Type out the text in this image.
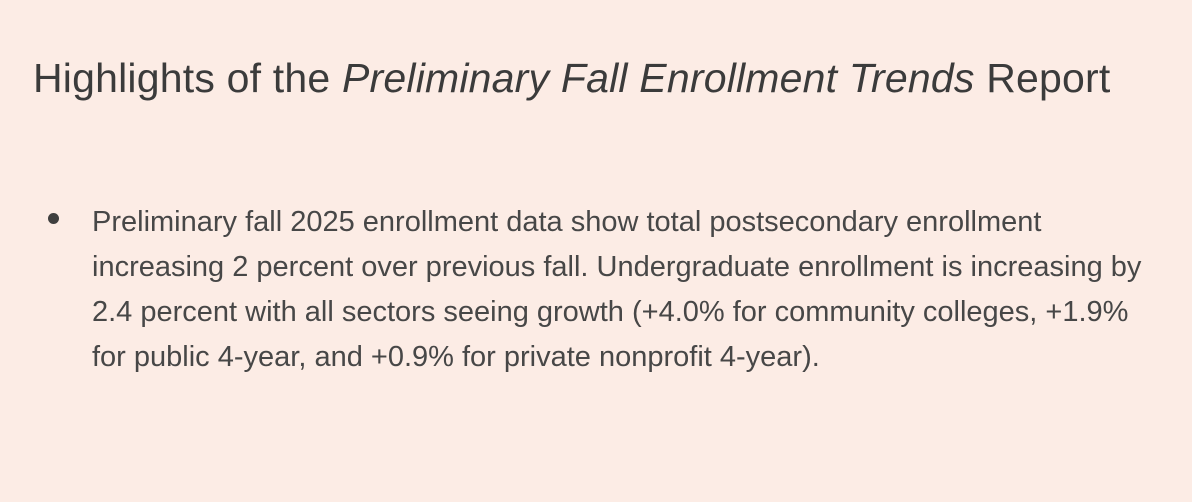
Highlights of the Preliminary Fall Enrollment Trends Report
Preliminary fall 2025 enrollment data show total postsecondary enrollment increasing 2 percent over previous fall. Undergraduate enrollment is increasing by 2.4 percent with all sectors seeing growth (+4.0% for community colleges, +1.9% for public 4-year, and +0.9% for private nonprofit 4-year).
